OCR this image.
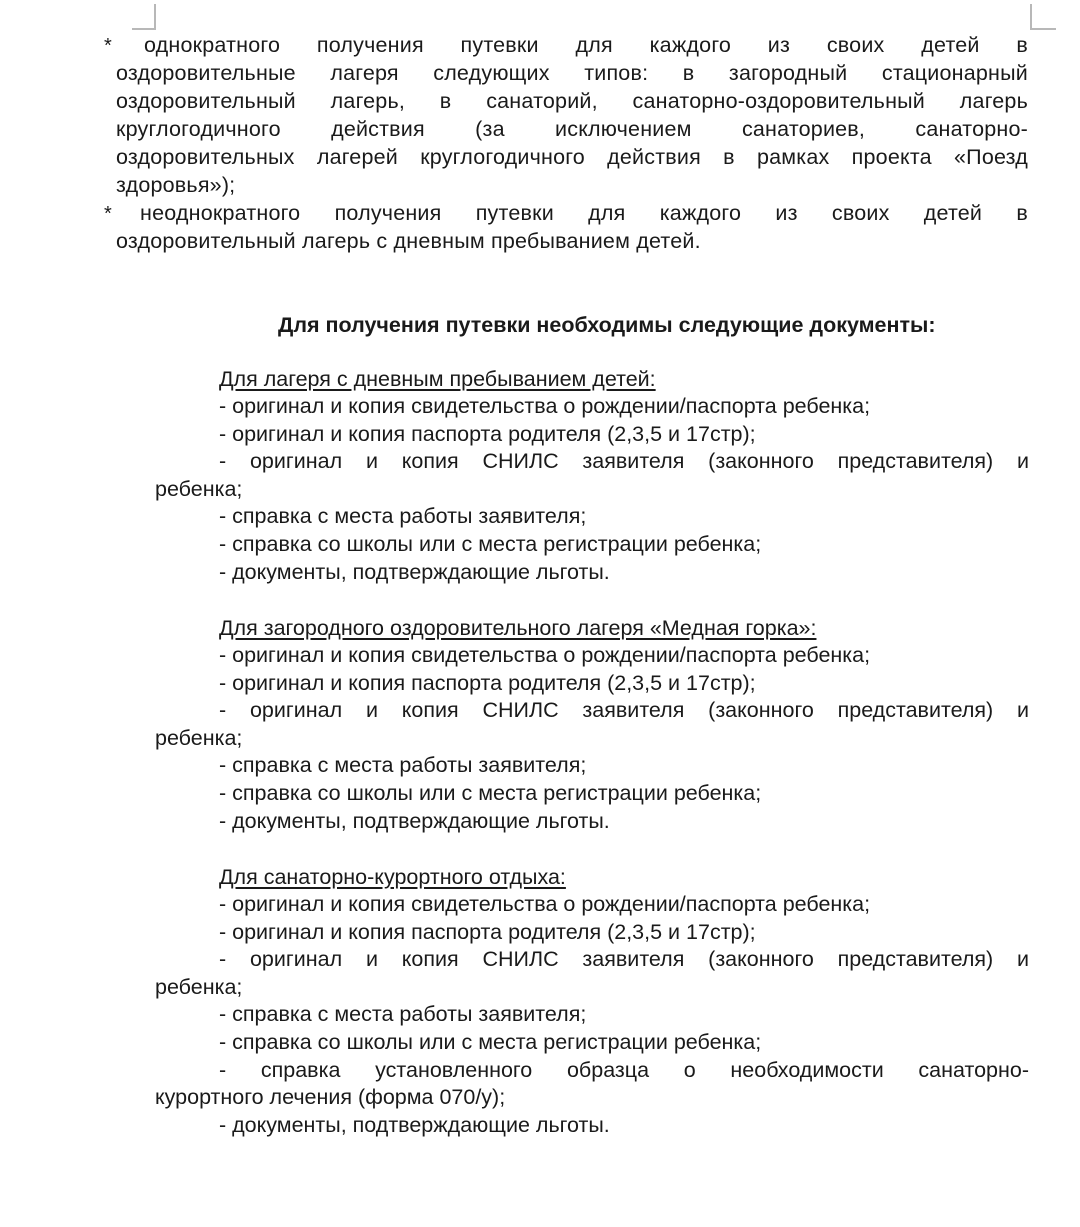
*	однократного получения путевки для каждого из своих детей в
оздоровительные лагеря следующих типов: в загородный стационарный
оздоровительный лагерь, в санаторий, санаторно-оздоровительный лагерь
круглогодичного действия (за исключением санаториев, санаторно-
оздоровительных лагерей круглогодичного действия в рамках проекта «Поезд
здоровья»);
*	неоднократного получения путевки для каждого из своих детей в
оздоровительный лагерь с дневным пребыванием детей.
Для получения путевки необходимы следующие документы:
Для лагеря с дневным пребыванием детей:
- оригинал и копия свидетельства о рождении/паспорта ребенка;
- оригинал и копия паспорта родителя (2,3,5 и 17стр);
- оригинал и копия СНИЛС заявителя (законного представителя) и
ребенка;
- справка с места работы заявителя;
- справка со школы или с места регистрации ребенка;
- документы, подтверждающие льготы.
Для загородного оздоровительного лагеря «Медная горка»:
- оригинал и копия свидетельства о рождении/паспорта ребенка;
- оригинал и копия паспорта родителя (2,3,5 и 17стр);
- оригинал и копия СНИЛС заявителя (законного представителя) и
ребенка;
- справка с места работы заявителя;
- справка со школы или с места регистрации ребенка;
- документы, подтверждающие льготы.
Для санаторно-курортного отдыха:
- оригинал и копия свидетельства о рождении/паспорта ребенка;
- оригинал и копия паспорта родителя (2,3,5 и 17стр);
- оригинал и копия СНИЛС заявителя (законного представителя) и
ребенка;
- справка с места работы заявителя;
- справка со школы или с места регистрации ребенка;
- справка установленного образца о необходимости санаторно-
курортного лечения (форма 070/у);
- документы, подтверждающие льготы.
